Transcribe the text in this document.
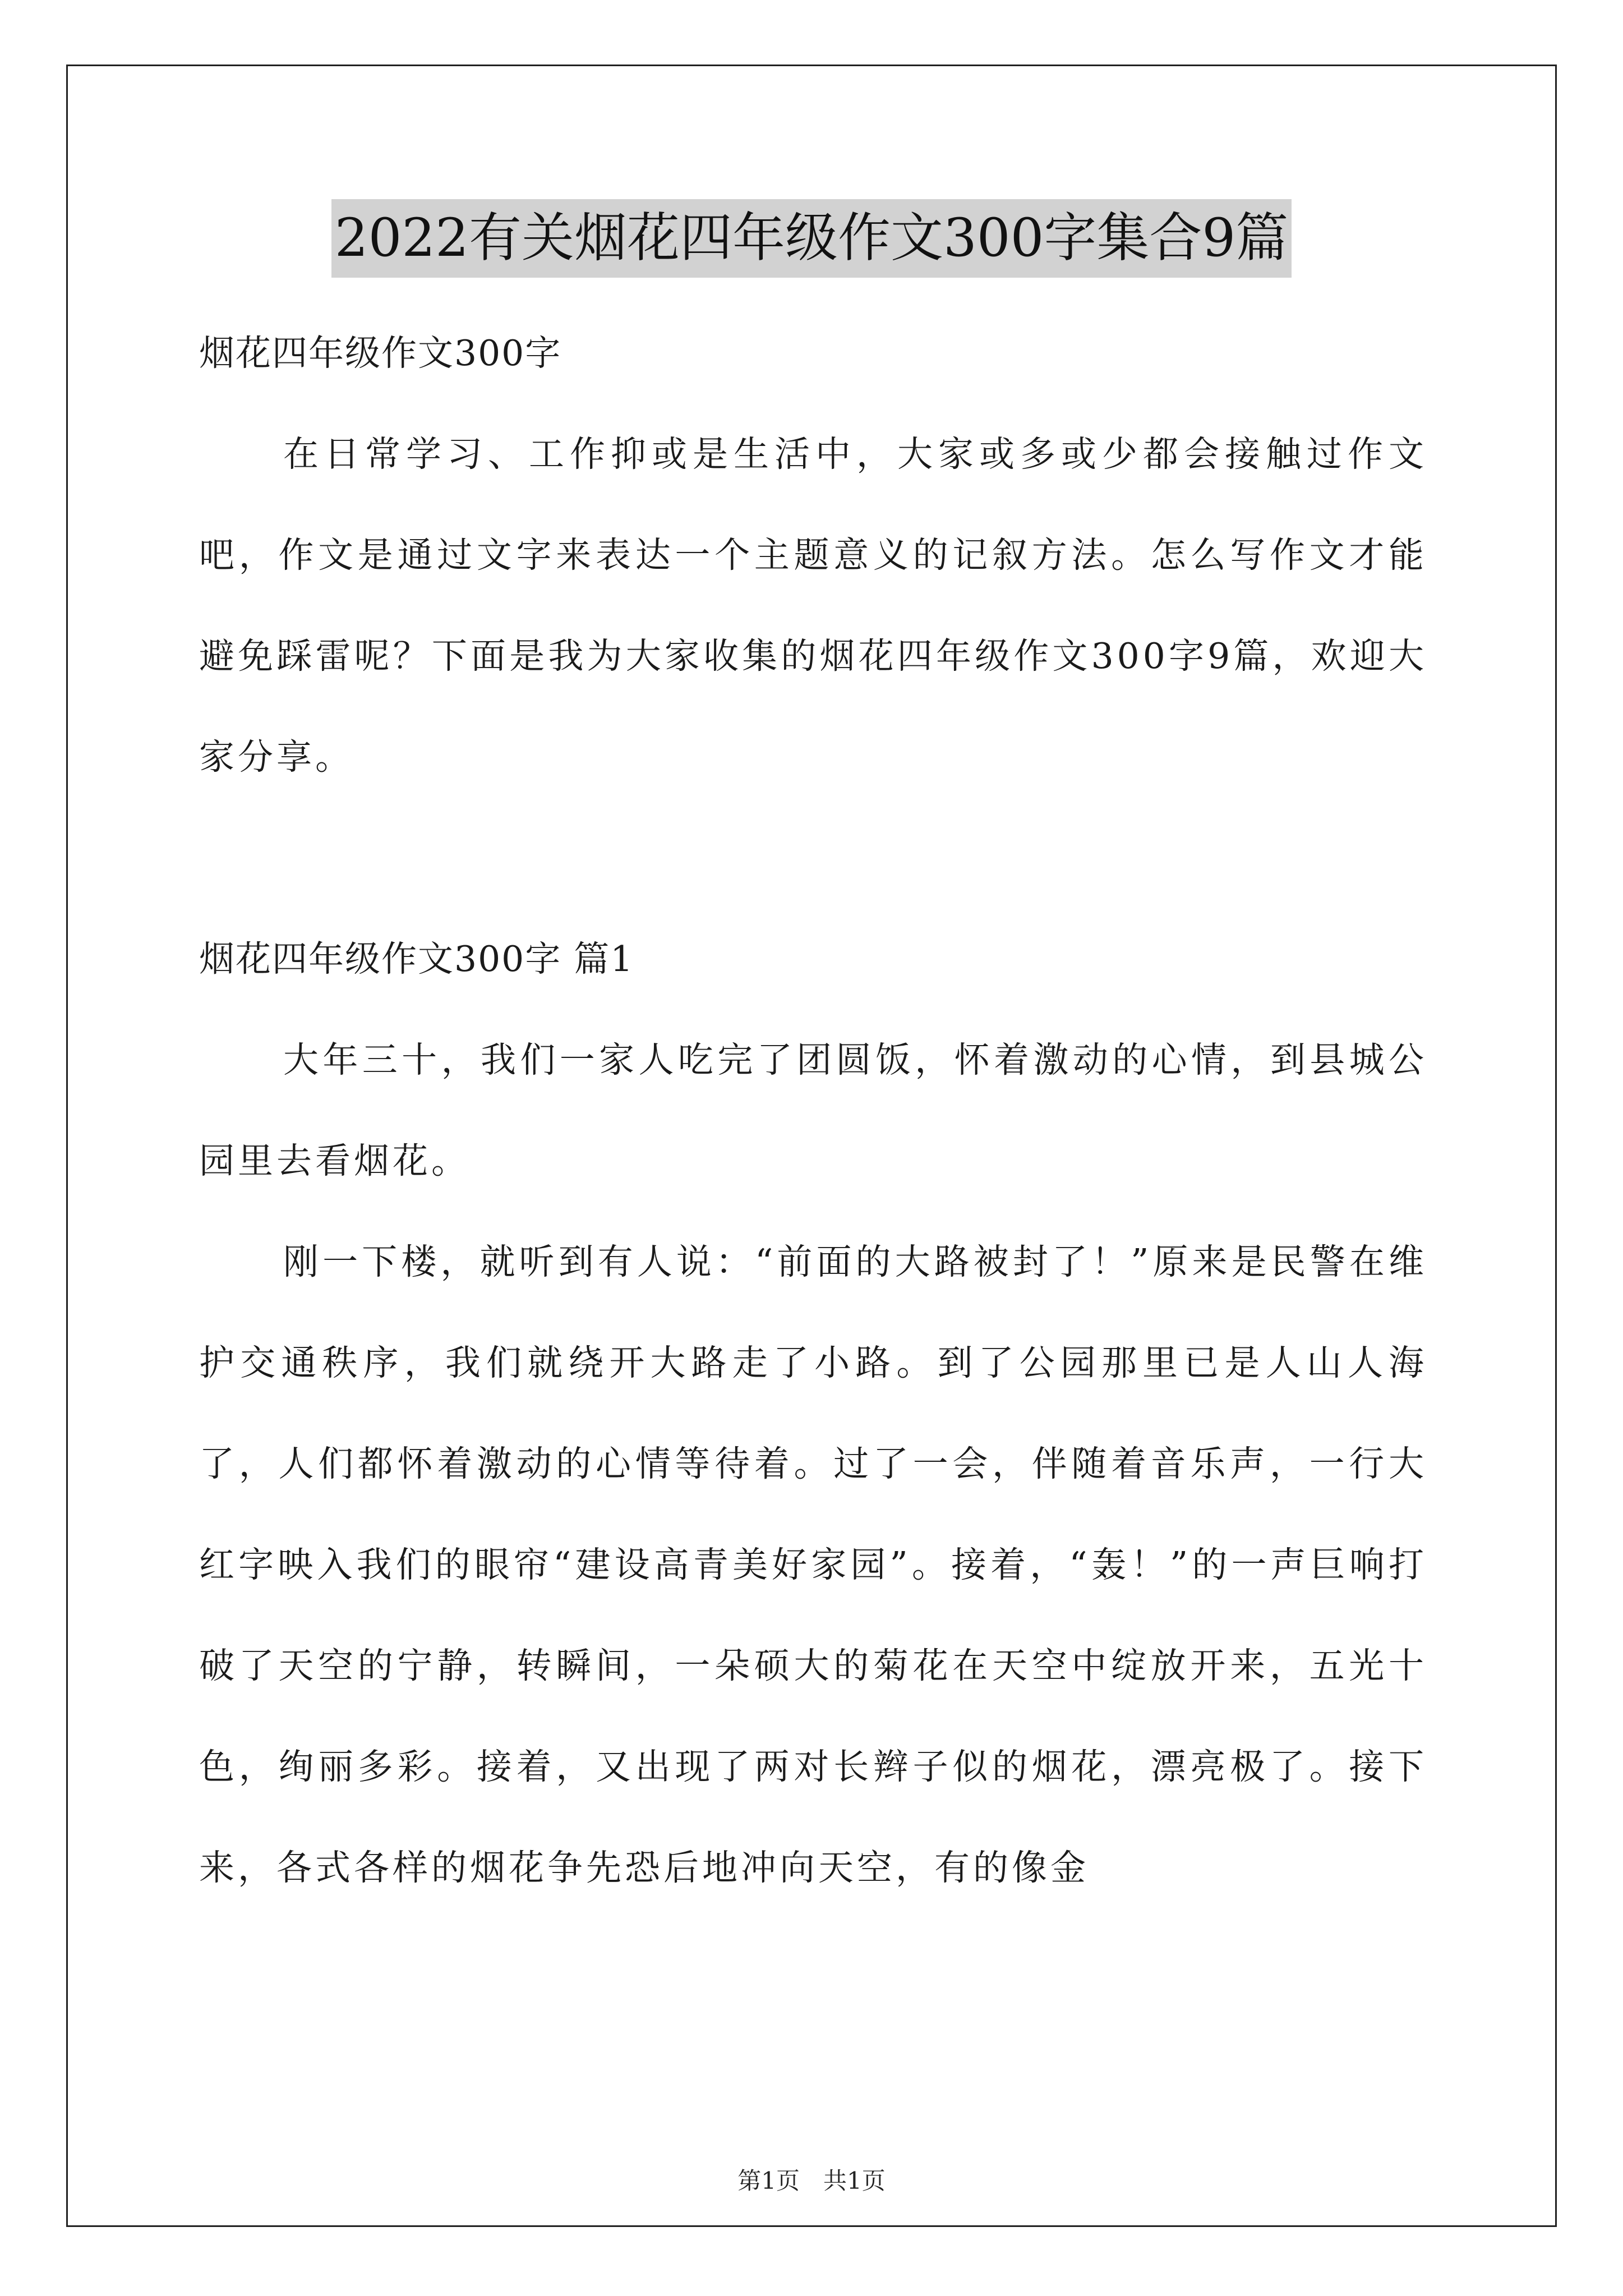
2022有关烟花四年级作文300字集合9篇

烟花四年级作文300字

在日常学习、工作抑或是生活中，大家或多或少都会接触过作文吧，作文是通过文字来表达一个主题意义的记叙方法。怎么写作文才能避免踩雷呢？下面是我为大家收集的烟花四年级作文300字9篇，欢迎大家分享。

烟花四年级作文300字 篇1

大年三十，我们一家人吃完了团圆饭，怀着激动的心情，到县城公园里去看烟花。

刚一下楼，就听到有人说：“前面的大路被封了！”原来是民警在维护交通秩序，我们就绕开大路走了小路。到了公园那里已是人山人海了，人们都怀着激动的心情等待着。过了一会，伴随着音乐声，一行大红字映入我们的眼帘“建设高青美好家园”。接着，“轰！”的一声巨响打破了天空的宁静，转瞬间，一朵硕大的菊花在天空中绽放开来，五光十色，绚丽多彩。接着，又出现了两对长辫子似的烟花，漂亮极了。接下来，各式各样的烟花争先恐后地冲向天空，有的像金

第1页　共1页
